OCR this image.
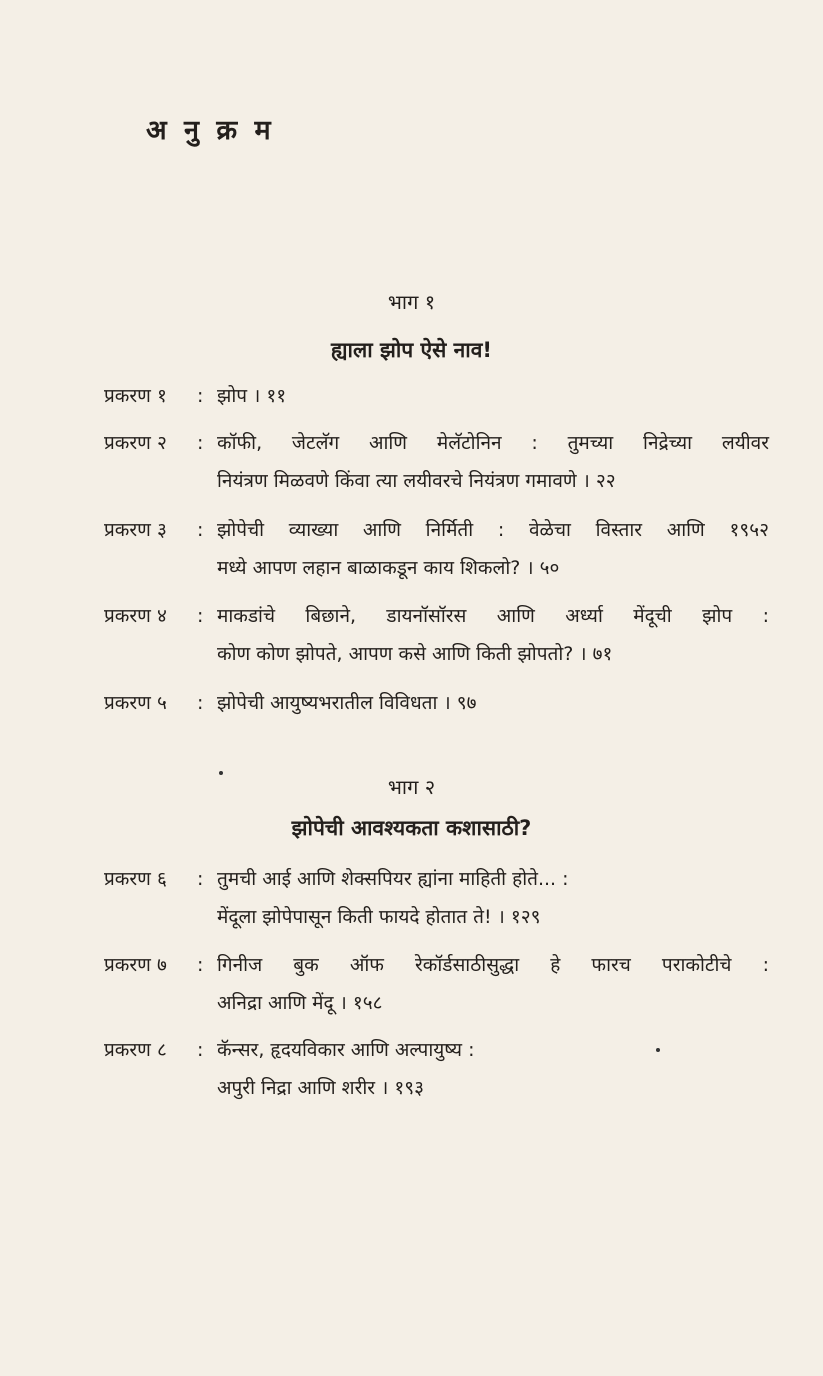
अ नु क्र म
भाग १
ह्याला झोप ऐसे नाव!
प्रकरण १ : झोप । ११
प्रकरण २ : कॉफी, जेटलॅग आणि मेलॅटोनिन : तुमच्या निद्रेच्या लयीवर
नियंत्रण मिळवणे किंवा त्या लयीवरचे नियंत्रण गमावणे । २२
प्रकरण ३ : झोपेची व्याख्या आणि निर्मिती : वेळेचा विस्तार आणि १९५२
मध्ये आपण लहान बाळाकडून काय शिकलो? । ५०
प्रकरण ४ : माकडांचे बिछाने, डायनॉसॉरस आणि अर्ध्या मेंदूची झोप :
कोण कोण झोपते, आपण कसे आणि किती झोपतो? । ७१
प्रकरण ५ : झोपेची आयुष्यभरातील विविधता । ९७
भाग २
झोपेची आवश्यकता कशासाठी?
प्रकरण ६ : तुमची आई आणि शेक्सपियर ह्यांना माहिती होते... :
मेंदूला झोपेपासून किती फायदे होतात ते! । १२९
प्रकरण ७ : गिनीज बुक ऑफ रेकॉर्डसाठीसुद्धा हे फारच पराकोटीचे :
अनिद्रा आणि मेंदू । १५८
प्रकरण ८ : कॅन्सर, हृदयविकार आणि अल्पायुष्य :
अपुरी निद्रा आणि शरीर । १९३
